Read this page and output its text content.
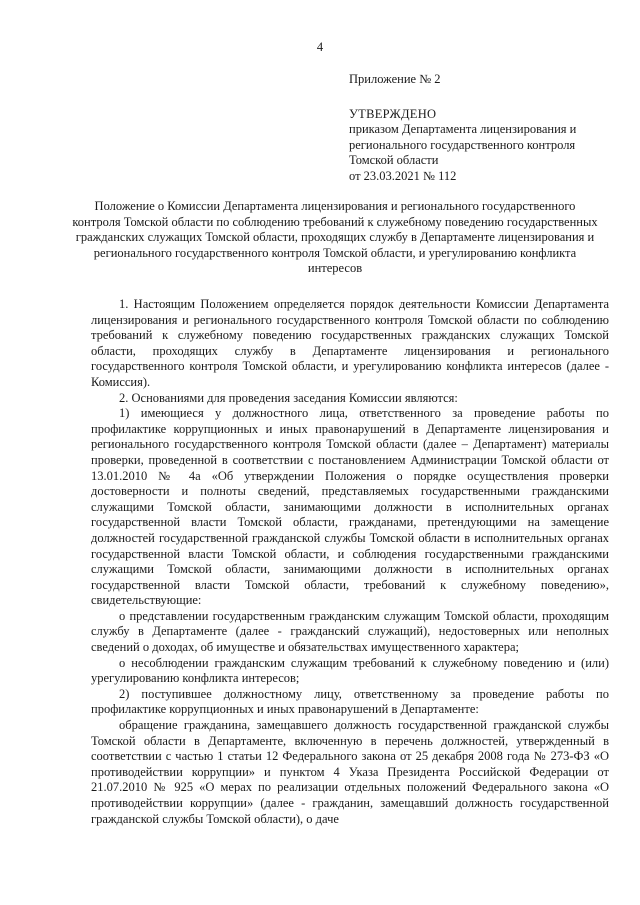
4
Приложение № 2
УТВЕРЖДЕНО
приказом Департамента лицензирования и
регионального государственного контроля
Томской области
от 23.03.2021 № 112
Положение о Комиссии Департамента лицензирования и регионального государственного контроля Томской области по соблюдению требований к служебному поведению государственных гражданских служащих Томской области, проходящих службу в Департаменте лицензирования и регионального государственного контроля Томской области, и урегулированию конфликта интересов

1. Настоящим Положением определяется порядок деятельности Комиссии Департамента лицензирования и регионального государственного контроля Томской области по соблюдению требований к служебному поведению государственных гражданских служащих Томской области, проходящих службу в Департаменте лицензирования и регионального государственного контроля Томской области, и урегулированию конфликта интересов (далее - Комиссия).

2. Основаниями для проведения заседания Комиссии являются:

1) имеющиеся у должностного лица, ответственного за проведение работы по профилактике коррупционных и иных правонарушений в Департаменте лицензирования и регионального государственного контроля Томской области (далее – Департамент) материалы проверки, проведенной в соответствии с постановлением Администрации Томской области от 13.01.2010 № 4а «Об утверждении Положения о порядке осуществления проверки достоверности и полноты сведений, представляемых государственными гражданскими служащими Томской области, занимающими должности в исполнительных органах государственной власти Томской области, гражданами, претендующими на замещение должностей государственной гражданской службы Томской области в исполнительных органах государственной власти Томской области, и соблюдения государственными гражданскими служащими Томской области, занимающими должности в исполнительных органах государственной власти Томской области, требований к служебному поведению», свидетельствующие:

о представлении государственным гражданским служащим Томской области, проходящим службу в Департаменте (далее - гражданский служащий), недостоверных или неполных сведений о доходах, об имуществе и обязательствах имущественного характера;

о несоблюдении гражданским служащим требований к служебному поведению и (или) урегулированию конфликта интересов;

2) поступившее должностному лицу, ответственному за проведение работы по профилактике коррупционных и иных правонарушений в Департаменте:

обращение гражданина, замещавшего должность государственной гражданской службы Томской области в Департаменте, включенную в перечень должностей, утвержденный в соответствии с частью 1 статьи 12 Федерального закона от 25 декабря 2008 года № 273-ФЗ «О противодействии коррупции» и пунктом 4 Указа Президента Российской Федерации от 21.07.2010 № 925 «О мерах по реализации отдельных положений Федерального закона «О противодействии коррупции» (далее - гражданин, замещавший должность государственной гражданской службы Томской области), о даче
